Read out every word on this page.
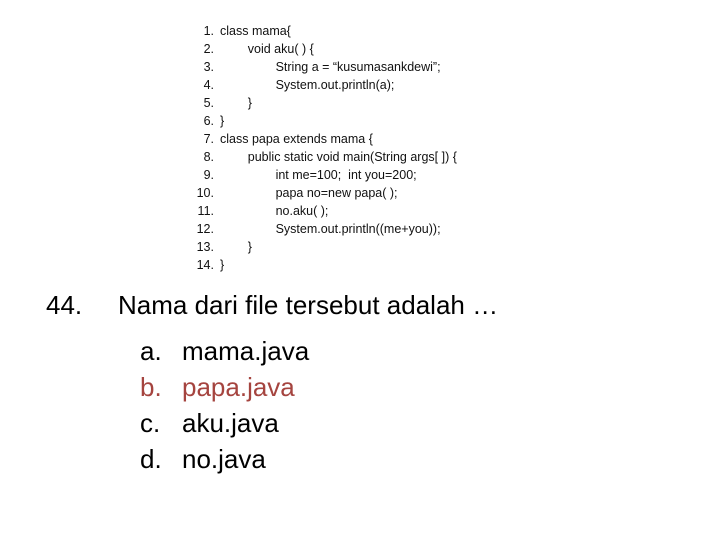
1. class mama{
2. void aku( ) {
3. String a = “kusumasankdewi”;
4. System.out.println(a);
5. }
6. }
7. class papa extends mama {
8. public static void main(String args[ ]) {
9. int me=100;  int you=200;
10. papa no=new papa( );
11. no.aku( );
12. System.out.println((me+you));
13. }
14. }
44. Nama dari file tersebut adalah …
a. mama.java
b. papa.java
c. aku.java
d. no.java
